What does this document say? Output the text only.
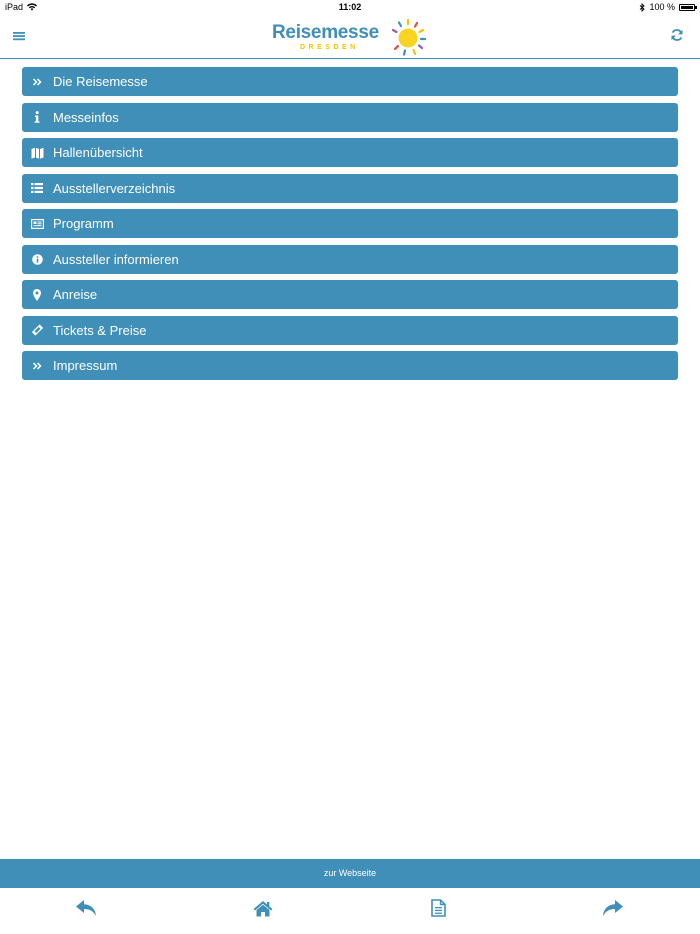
iPad	11:02	100 %
Reisemesse
DRESDEN
Die Reisemesse
Messeinfos
Hallenübersicht
Ausstellerverzeichnis
Programm
Aussteller informieren
Anreise
Tickets & Preise
Impressum
zur Webseite
